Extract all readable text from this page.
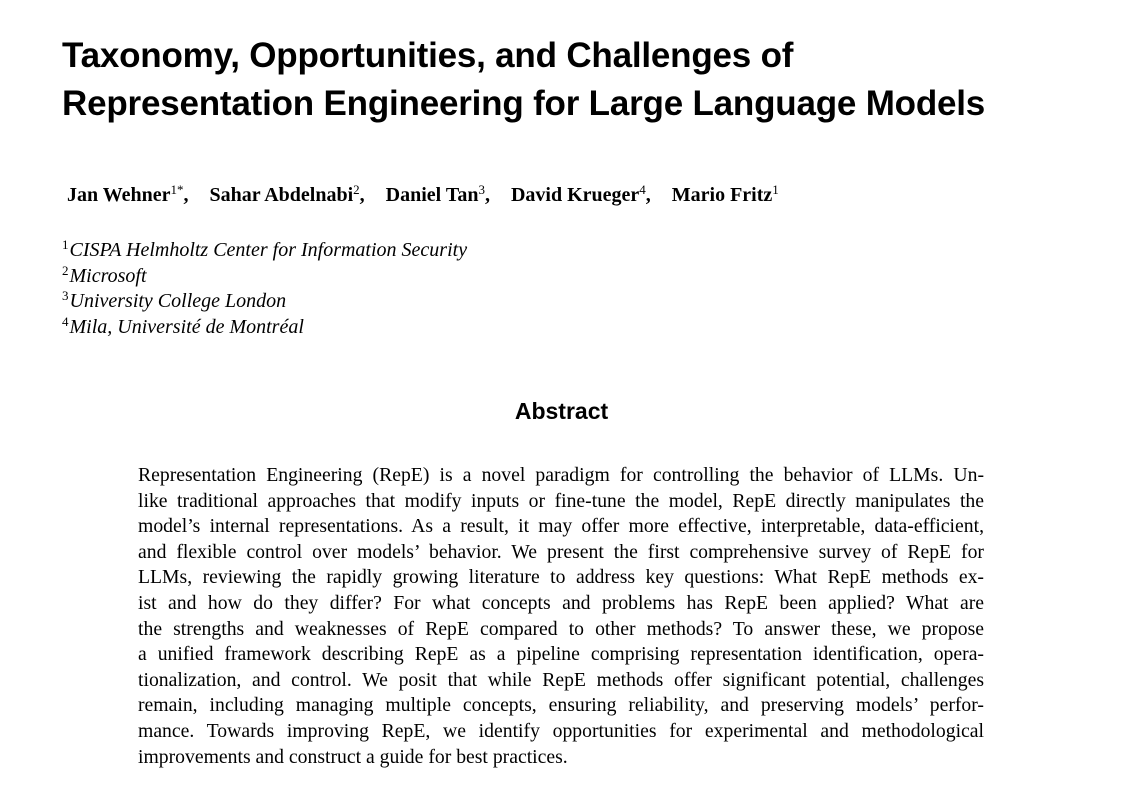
Taxonomy, Opportunities, and Challenges of
Representation Engineering for Large Language Models
Jan Wehner$^{1*}$, Sahar Abdelnabi$^2$, Daniel Tan$^3$, David Krueger$^4$, Mario Fritz$^1$
$^1$CISPA Helmholtz Center for Information Security
$^2$Microsoft
$^3$University College London
$^4$Mila, Université de Montréal
Abstract

Representation Engineering (RepE) is a novel paradigm for controlling the behavior of LLMs. Un-
like traditional approaches that modify inputs or fine-tune the model, RepE directly manipulates the
model’s internal representations. As a result, it may offer more effective, interpretable, data-efficient,
and flexible control over models’ behavior. We present the first comprehensive survey of RepE for
LLMs, reviewing the rapidly growing literature to address key questions: What RepE methods ex-
ist and how do they differ? For what concepts and problems has RepE been applied? What are
the strengths and weaknesses of RepE compared to other methods? To answer these, we propose
a unified framework describing RepE as a pipeline comprising representation identification, opera-
tionalization, and control. We posit that while RepE methods offer significant potential, challenges
remain, including managing multiple concepts, ensuring reliability, and preserving models’ perfor-
mance. Towards improving RepE, we identify opportunities for experimental and methodological
improvements and construct a guide for best practices.
